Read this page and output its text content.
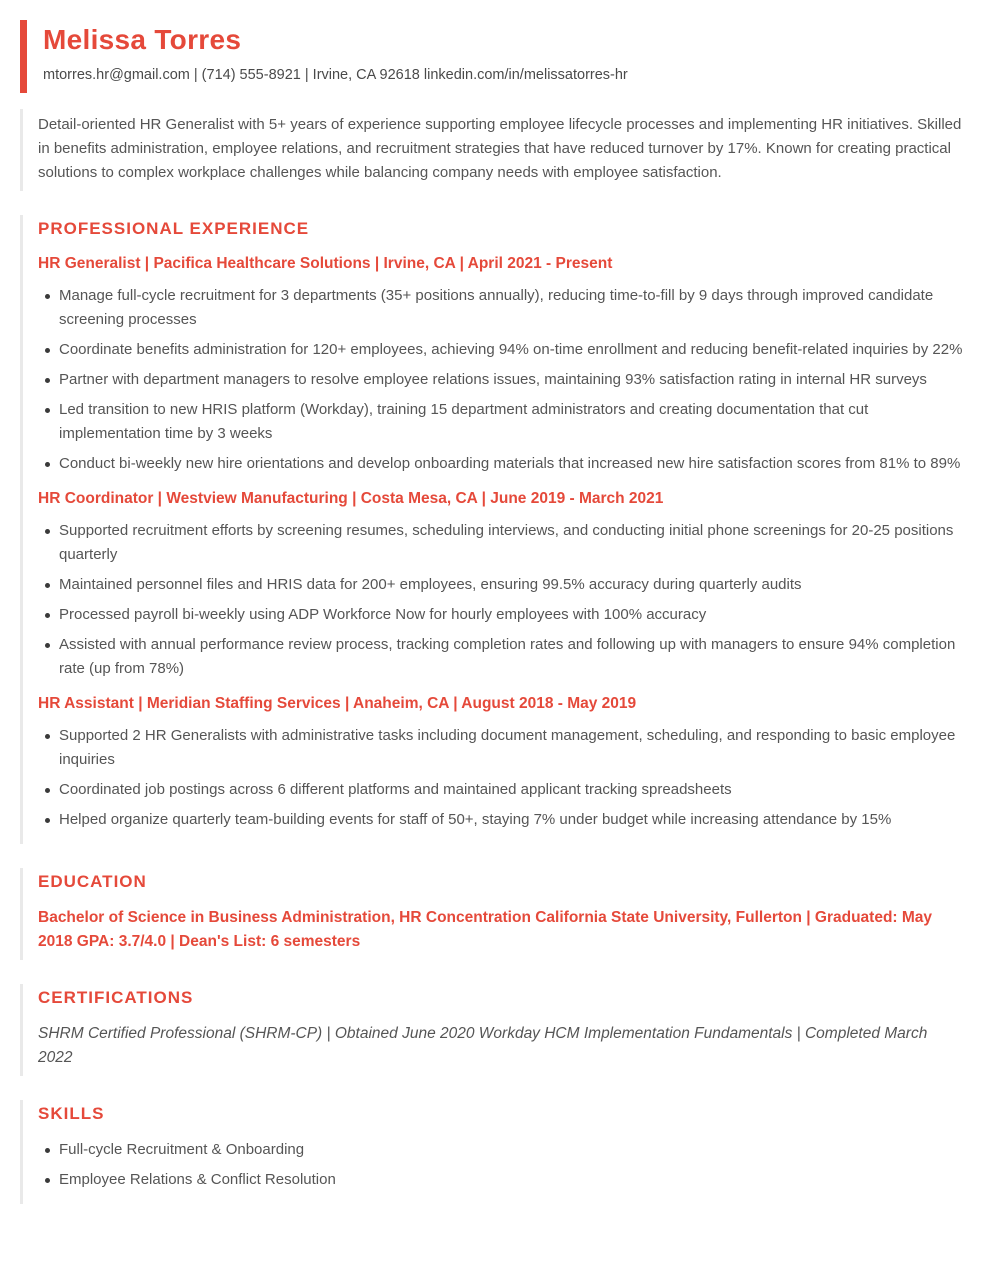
Melissa Torres

mtorres.hr@gmail.com | (714) 555-8921 | Irvine, CA 92618 linkedin.com/in/melissatorres-hr

Detail-oriented HR Generalist with 5+ years of experience supporting employee lifecycle processes and implementing HR initiatives. Skilled in benefits administration, employee relations, and recruitment strategies that have reduced turnover by 17%. Known for creating practical solutions to complex workplace challenges while balancing company needs with employee satisfaction.

PROFESSIONAL EXPERIENCE
HR Generalist | Pacifica Healthcare Solutions | Irvine, CA | April 2021 - Present
Manage full-cycle recruitment for 3 departments (35+ positions annually), reducing time-to-fill by 9 days through improved candidate screening processes
Coordinate benefits administration for 120+ employees, achieving 94% on-time enrollment and reducing benefit-related inquiries by 22%
Partner with department managers to resolve employee relations issues, maintaining 93% satisfaction rating in internal HR surveys
Led transition to new HRIS platform (Workday), training 15 department administrators and creating documentation that cut implementation time by 3 weeks
Conduct bi-weekly new hire orientations and develop onboarding materials that increased new hire satisfaction scores from 81% to 89%
HR Coordinator | Westview Manufacturing | Costa Mesa, CA | June 2019 - March 2021
Supported recruitment efforts by screening resumes, scheduling interviews, and conducting initial phone screenings for 20-25 positions quarterly
Maintained personnel files and HRIS data for 200+ employees, ensuring 99.5% accuracy during quarterly audits
Processed payroll bi-weekly using ADP Workforce Now for hourly employees with 100% accuracy
Assisted with annual performance review process, tracking completion rates and following up with managers to ensure 94% completion rate (up from 78%)
HR Assistant | Meridian Staffing Services | Anaheim, CA | August 2018 - May 2019
Supported 2 HR Generalists with administrative tasks including document management, scheduling, and responding to basic employee inquiries
Coordinated job postings across 6 different platforms and maintained applicant tracking spreadsheets
Helped organize quarterly team-building events for staff of 50+, staying 7% under budget while increasing attendance by 15%
EDUCATION

Bachelor of Science in Business Administration, HR Concentration California State University, Fullerton | Graduated: May 2018 GPA: 3.7/4.0 | Dean's List: 6 semesters

CERTIFICATIONS

SHRM Certified Professional (SHRM-CP) | Obtained June 2020 Workday HCM Implementation Fundamentals | Completed March 2022

SKILLS
Full-cycle Recruitment & Onboarding
Employee Relations & Conflict Resolution
